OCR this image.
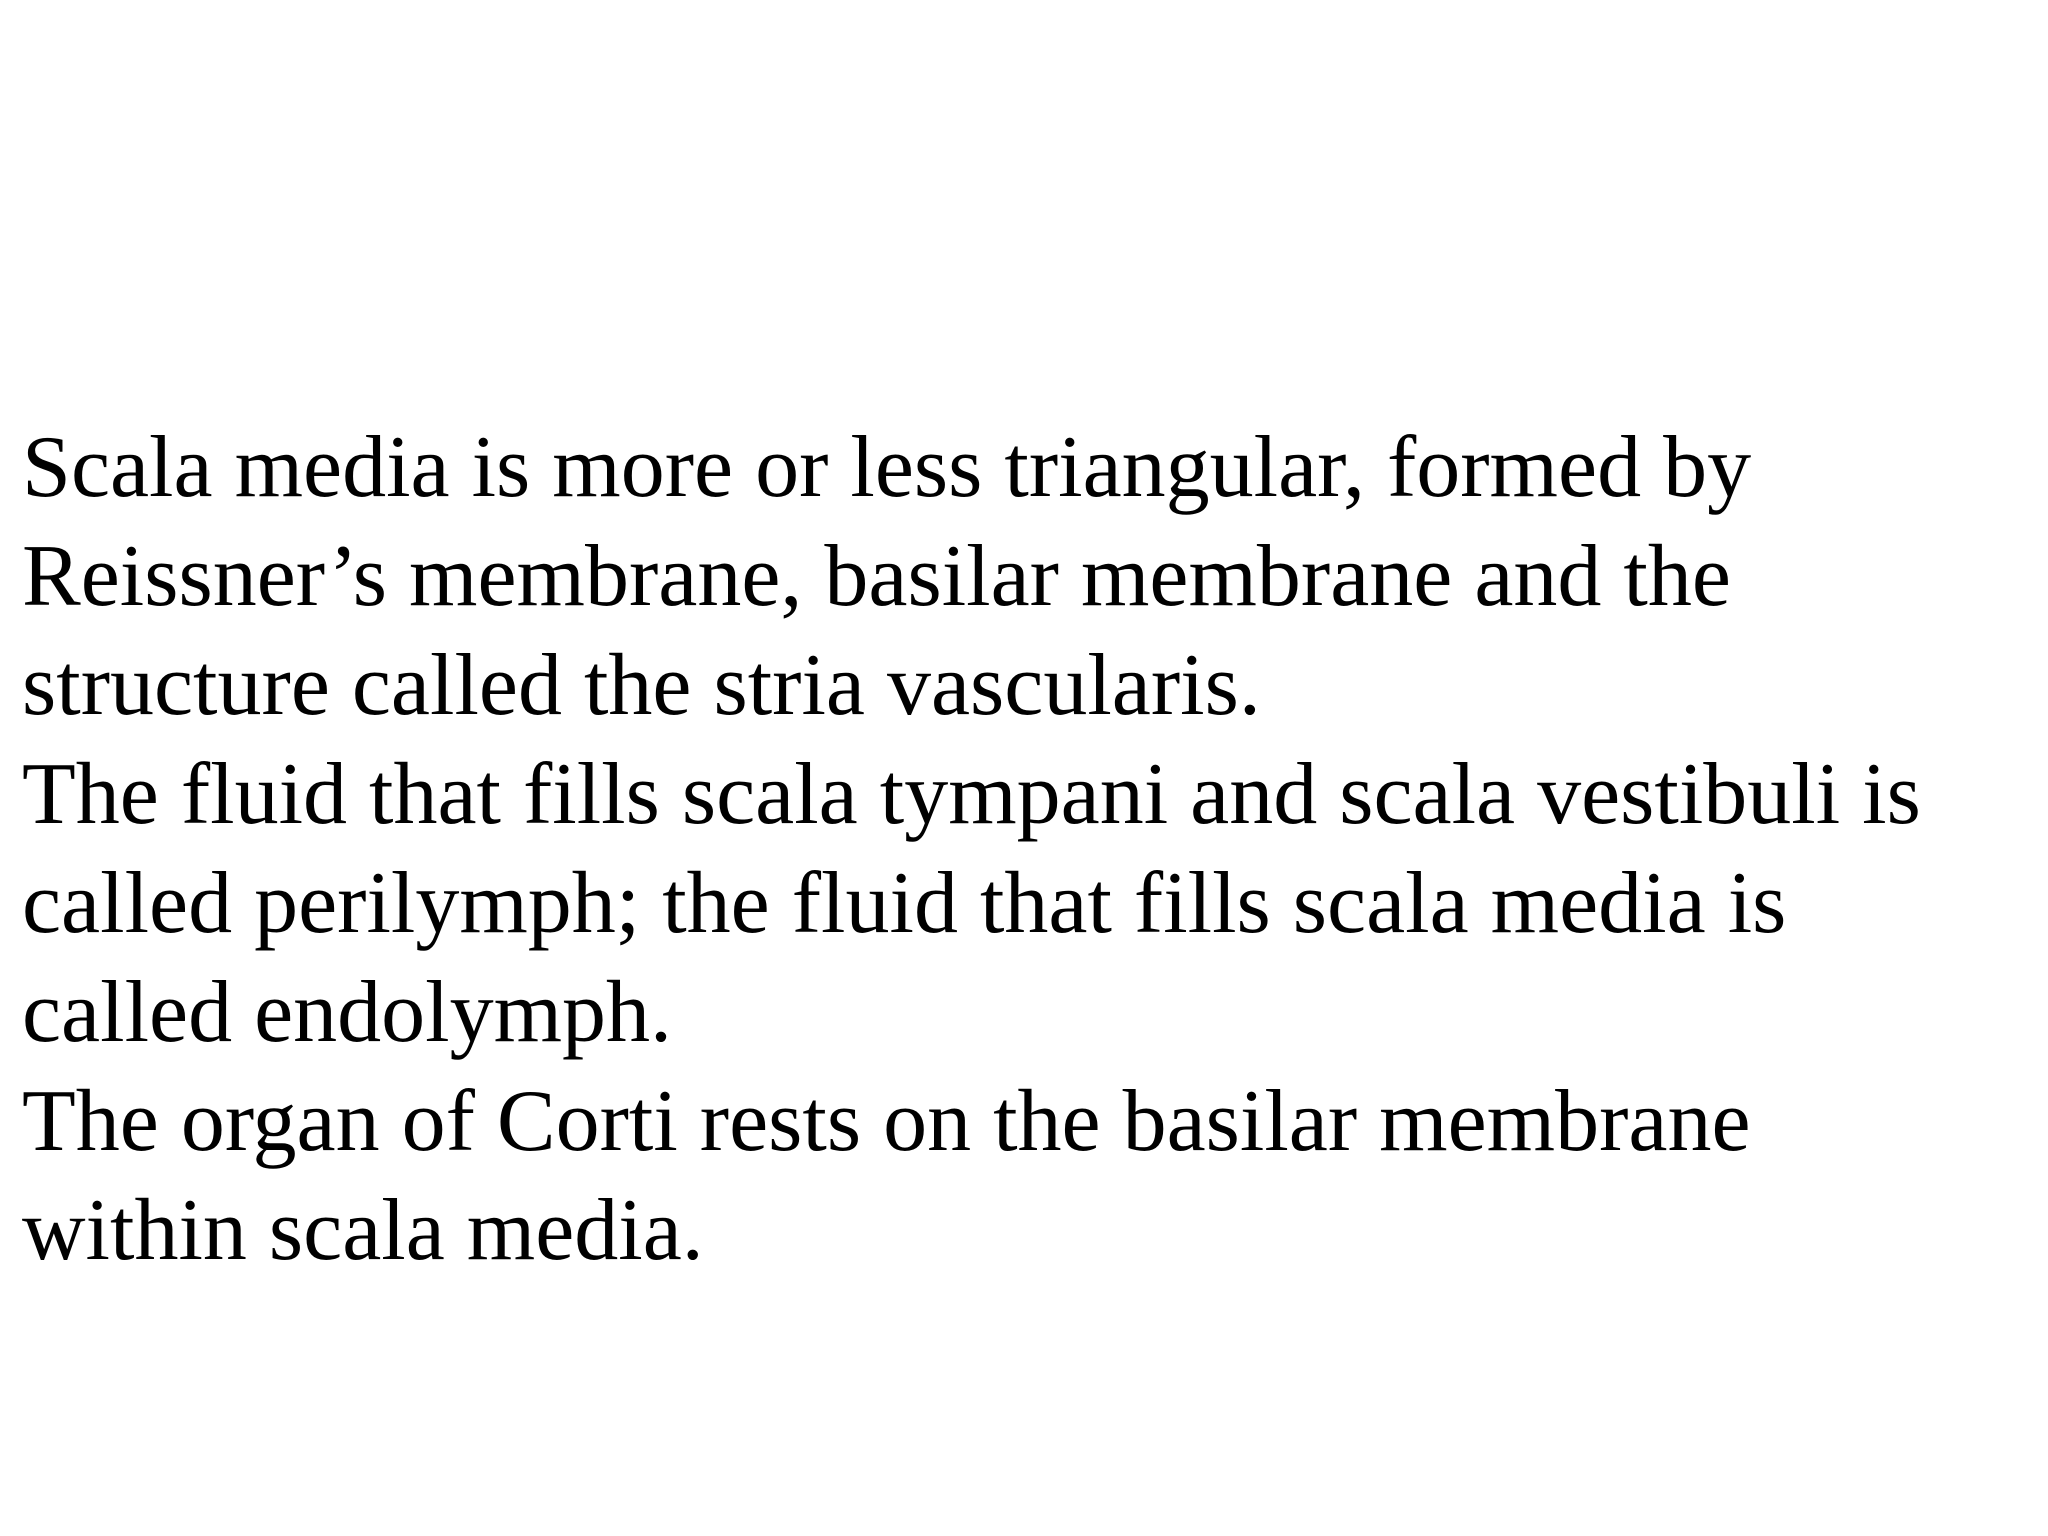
Scala media is more or less triangular, formed by
Reissner’s membrane, basilar membrane and the
structure called the stria vascularis.
The fluid that fills scala tympani and scala vestibuli is
called perilymph; the fluid that fills scala media is
called endolymph.
The organ of Corti rests on the basilar membrane
within scala media.
